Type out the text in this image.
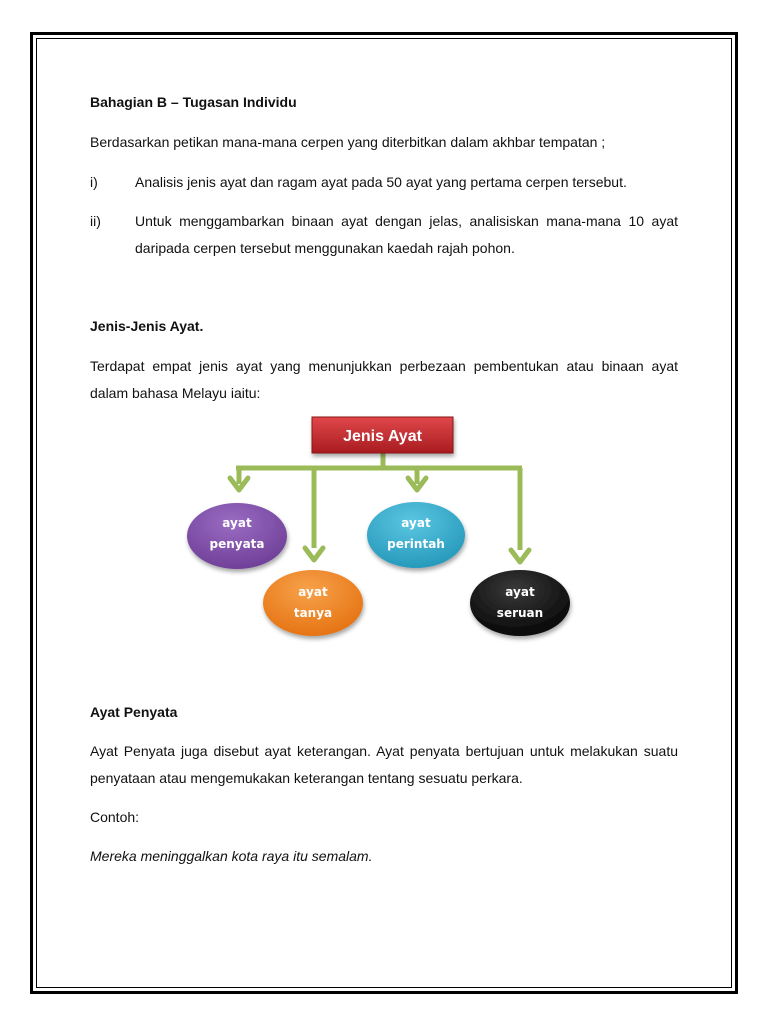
Bahagian B – Tugasan Individu

Berdasarkan petikan mana-mana cerpen yang diterbitkan dalam akhbar tempatan ;

i)	Analisis jenis ayat dan ragam ayat pada 50 ayat yang pertama cerpen tersebut.
ii) Untuk menggambarkan binaan ayat dengan jelas, analisiskan mana-mana 10 ayat daripada cerpen tersebut menggunakan kaedah rajah pohon.

Jenis-Jenis Ayat.

Terdapat empat jenis ayat yang menunjukkan perbezaan pembentukan atau binaan ayat dalam bahasa Melayu iaitu:

Ayat Penyata

Ayat Penyata juga disebut ayat keterangan. Ayat penyata bertujuan untuk melakukan suatu penyataan atau mengemukakan keterangan tentang sesuatu perkara.

Contoh:

Mereka meninggalkan kota raya itu semalam.

Jenis Ayat
ayat
penyata
ayat
perintah
ayat
tanya
ayat
seruan
